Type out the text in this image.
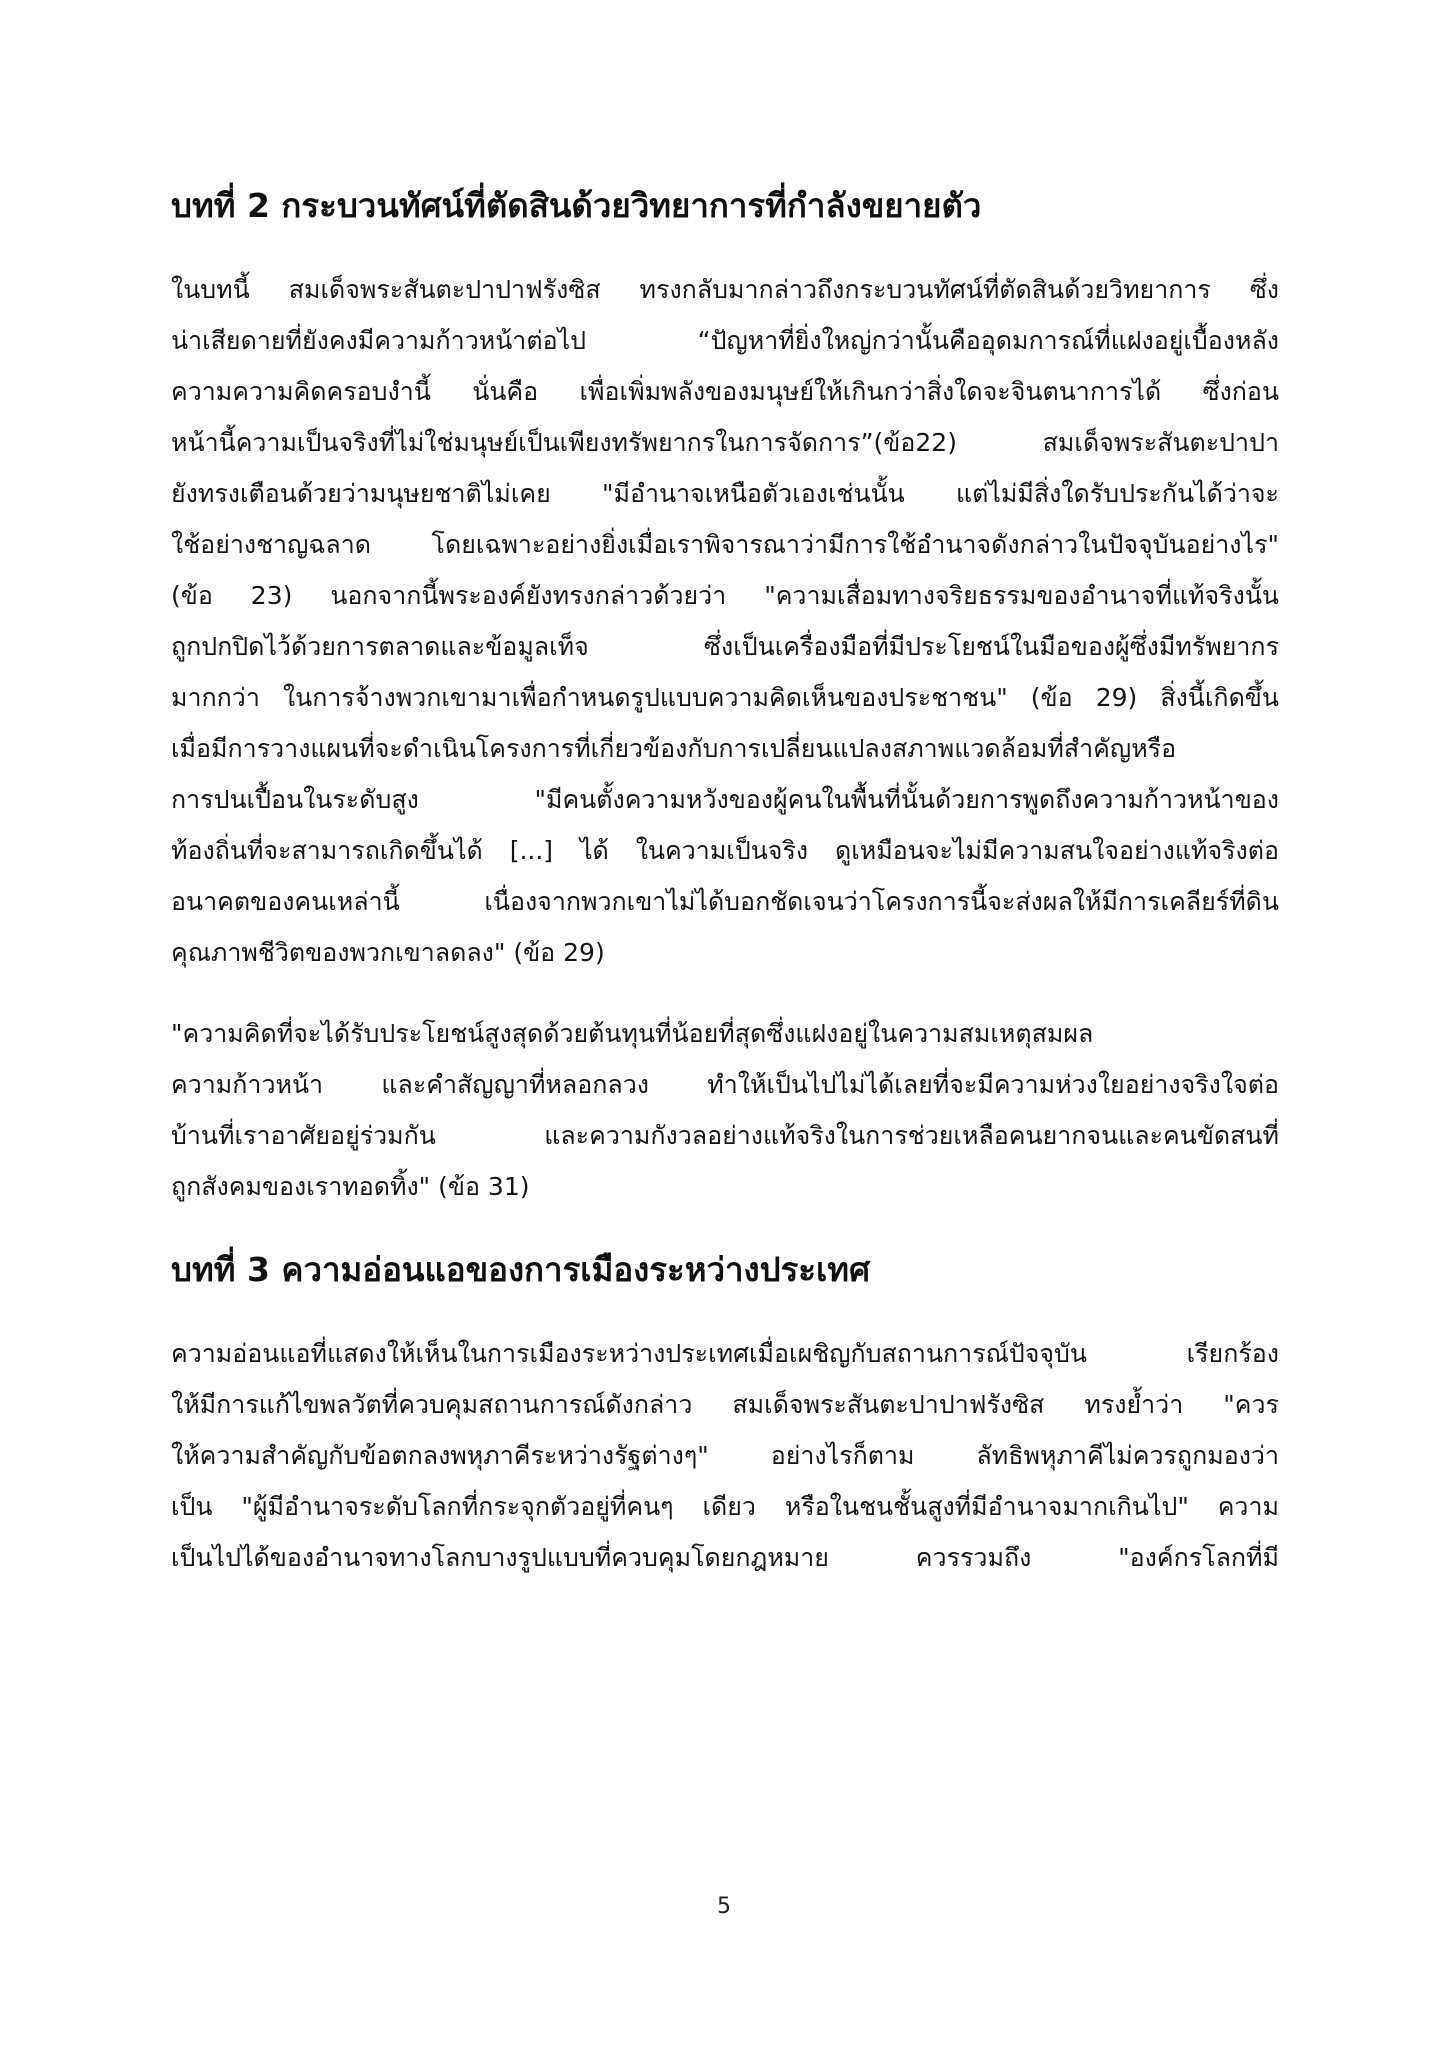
บทที่ 2 กระบวนทัศน์ที่ตัดสินด้วยวิทยาการที่กำลังขยายตัว
ในบทนี้ สมเด็จพระสันตะปาปาฟรังซิส ทรงกลับมากล่าวถึงกระบวนทัศน์ที่ตัดสินด้วยวิทยาการ ซึ่ง
น่าเสียดายที่ยังคงมีความก้าวหน้าต่อไป “ปัญหาที่ยิ่งใหญ่กว่านั้นคืออุดมการณ์ที่แฝงอยู่เบื้องหลัง
ความความคิดครอบงำนี้ นั่นคือ เพื่อเพิ่มพลังของมนุษย์ให้เกินกว่าสิ่งใดจะจินตนาการได้ ซึ่งก่อน
หน้านี้ความเป็นจริงที่ไม่ใช่มนุษย์เป็นเพียงทรัพยากรในการจัดการ”(ข้อ22) สมเด็จพระสันตะปาปา
ยังทรงเตือนด้วยว่ามนุษยชาติไม่เคย "มีอำนาจเหนือตัวเองเช่นนั้น แต่ไม่มีสิ่งใดรับประกันได้ว่าจะ
ใช้อย่างชาญฉลาด โดยเฉพาะอย่างยิ่งเมื่อเราพิจารณาว่ามีการใช้อำนาจดังกล่าวในปัจจุบันอย่างไร"
(ข้อ 23) นอกจากนี้พระองค์ยังทรงกล่าวด้วยว่า "ความเสื่อมทางจริยธรรมของอำนาจที่แท้จริงนั้น
ถูกปกปิดไว้ด้วยการตลาดและข้อมูลเท็จ ซึ่งเป็นเครื่องมือที่มีประโยชน์ในมือของผู้ซึ่งมีทรัพยากร
มากกว่า ในการจ้างพวกเขามาเพื่อกำหนดรูปแบบความคิดเห็นของประชาชน" (ข้อ 29) สิ่งนี้เกิดขึ้น
เมื่อมีการวางแผนที่จะดำเนินโครงการที่เกี่ยวข้องกับการเปลี่ยนแปลงสภาพแวดล้อมที่สำคัญหรือ
การปนเปื้อนในระดับสูง "มีคนตั้งความหวังของผู้คนในพื้นที่นั้นด้วยการพูดถึงความก้าวหน้าของ
ท้องถิ่นที่จะสามารถเกิดขึ้นได้ [...] ได้ ในความเป็นจริง ดูเหมือนจะไม่มีความสนใจอย่างแท้จริงต่อ
อนาคตของคนเหล่านี้ เนื่องจากพวกเขาไม่ได้บอกชัดเจนว่าโครงการนี้จะส่งผลให้มีการเคลียร์ที่ดิน
คุณภาพชีวิตของพวกเขาลดลง" (ข้อ 29)
"ความคิดที่จะได้รับประโยชน์สูงสุดด้วยต้นทุนที่น้อยที่สุดซึ่งแฝงอยู่ในความสมเหตุสมผล
ความก้าวหน้า และคำสัญญาที่หลอกลวง ทำให้เป็นไปไม่ได้เลยที่จะมีความห่วงใยอย่างจริงใจต่อ
บ้านที่เราอาศัยอยู่ร่วมกัน และความกังวลอย่างแท้จริงในการช่วยเหลือคนยากจนและคนขัดสนที่
ถูกสังคมของเราทอดทิ้ง" (ข้อ 31)
บทที่ 3 ความอ่อนแอของการเมืองระหว่างประเทศ
ความอ่อนแอที่แสดงให้เห็นในการเมืองระหว่างประเทศเมื่อเผชิญกับสถานการณ์ปัจจุบัน เรียกร้อง
ให้มีการแก้ไขพลวัตที่ควบคุมสถานการณ์ดังกล่าว สมเด็จพระสันตะปาปาฟรังซิส ทรงย้ำว่า "ควร
ให้ความสำคัญกับข้อตกลงพหุภาคีระหว่างรัฐต่างๆ" อย่างไรก็ตาม ลัทธิพหุภาคีไม่ควรถูกมองว่า
เป็น "ผู้มีอำนาจระดับโลกที่กระจุกตัวอยู่ที่คนๆ เดียว หรือในชนชั้นสูงที่มีอำนาจมากเกินไป" ความ
เป็นไปได้ของอำนาจทางโลกบางรูปแบบที่ควบคุมโดยกฎหมาย ควรรวมถึง "องค์กรโลกที่มี
5
